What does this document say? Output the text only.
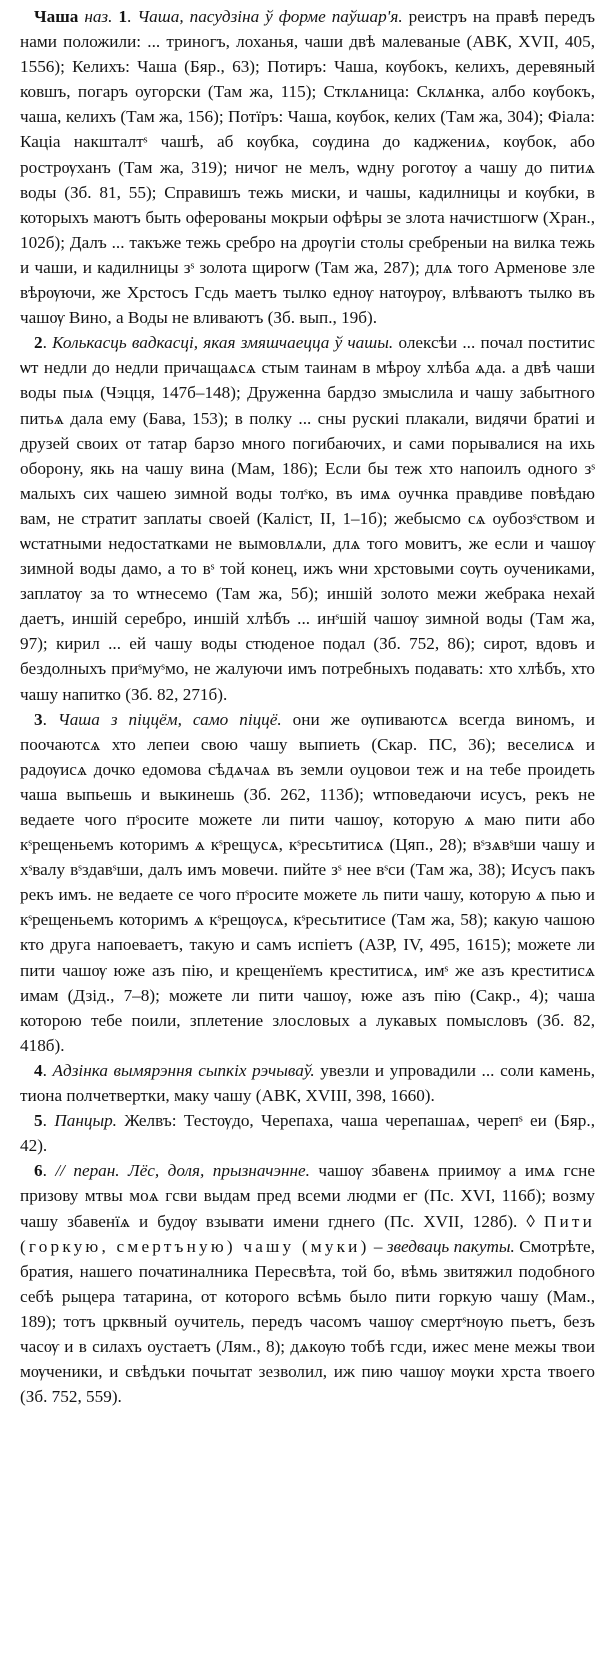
Чаша наз. 1. Чаша, пасудзіна ў форме паўшар'я. реистръ на правѣ передъ нами положили: ... триногъ, лоханья, чаши двѣ малеваные (АВК, XVII, 405, 1556); Келихъ: Чаша (Бяр., 63); Потиръ: Чаша, кѹбокъ, келихъ, деревяный ковшъ, погаръ оугорски (Там жа, 115); Стклѧница: Склѧнка, албо кѹбокъ, чаша, келихъ (Там жа, 156); Потїръ: Чаша, кѹбок, келих (Там жа, 304); Фіала: Каціа накшталтˢ чашѣ, аб кѹбка, сѹдина до каджениѧ, кѹбок, або рострѹханъ (Там жа, 319); ничог не мелъ, ѡдну роготѹ а чашу до питиѧ воды (Зб. 81, 55); Справишъ тежь миски, и чашы, кадилницы и кѹбки, в которыхъ маютъ быть оферованы мокрыи офѣры зе злота начистшогѡ (Хран., 102б); Далъ ... такъже тежь сребро на дрѹгіи столы сребреныи на вилка тежь и чаши, и кадилницы зˢ золота щирогѡ (Там жа, 287); длѧ того Арменове зле вѣрѹючи, же Хрстосъ Гсдь маетъ тылко еднѹ натѹрѹ, влѣваютъ тылко въ чашѹ Вино, а Воды не вливаютъ (Зб. вып., 19б).

2. Колькасць вадкасці, якая змяшчаецца ў чашы. олексѣи ... почал поститис ѡт недли до недли причащаѧсѧ стым таинам в мѣроу хлѣба ѧда. а двѣ чаши воды пыѧ (Чэцця, 147б–148); Друженна бардзо змыслила и чашу забытного питьѧ дала ему (Бава, 153); в полку ... сны рускиі плакали, видячи братиі и друзей своих от татар барзо много погибаючих, и сами порывалися на ихь оборону, якь на чашу вина (Мам, 186); Если бы теж хто напоилъ одного зˢ малыхъ сих чашею зимной воды толˢко, въ имѧ оучнка правдиве повѣдаю вам, не стратит заплаты своей (Каліст, II, 1–1б); жебысмо сѧ оубозˢством и ѡстатными недостатками не вымовлѧли, длѧ того мовитъ, же если и чашѹ зимной воды дамо, а то вˢ той конец, ижъ ѡни хрстовыми сѹть оучениками, заплатѹ за то ѡтнесемо (Там жа, 5б); иншій золото межи жебрака нехай даетъ, иншій серебро, иншій хлѣбъ ... инˢшій чашѹ зимной воды (Там жа, 97); кирил ... ей чашу воды стюденое подал (Зб. 752, 86); сирот, вдовъ и бездолныхъ приˢмуˢмо, не жалуючи имъ потребныхъ подавать: хто хлѣбъ, хто чашу напитко (Зб. 82, 271б).

3. Чаша з піццём, само піццё. они же ѹпиваютсѧ всегда виномъ, и поочаютсѧ хто лепеи свою чашу выпиеть (Скар. ПС, 36); веселисѧ и радѹисѧ дочко едомова сѣдѧчаѧ въ земли оуцовои теж и на тебе проидеть чаша выпьешь и выкинешь (Зб. 262, 113б); ѡтповедаючи исусъ, рекъ не ведаете чого пˢросите можете ли пити чашѹ, которую ѧ маю пити або кˢрещеньемъ которимъ ѧ кˢрещусѧ, кˢресьтитисѧ (Цяп., 28); вˢзѧвˢши чашу и хˢвалу вˢздавˢши, далъ имъ мовечи. пийте зˢ нее вˢси (Там жа, 38); Исусъ пакъ рекъ имъ. не ведаете се чого пˢросите можете ль пити чашу, которую ѧ пью и кˢрещеньемъ которимъ ѧ кˢрещѹсѧ, кˢресьтитисе (Там жа, 58); какую чашою кто друга напоеваетъ, такую и самъ испіетъ (АЗР, IV, 495, 1615); можете ли пити чашѹ юже азъ пію, и крещенїемъ креститисѧ, имˢ же азъ креститисѧ имам (Дзід., 7–8); можете ли пити чашѹ, юже азъ пію (Сакр., 4); чаша которою тебе поили, зплетение злословых а лукавых помысловъ (Зб. 82, 418б).

4. Адзінка вымярэння сыпкіх рэчываў. увезли и упровадили ... соли камень, тиона полчетвертки, маку чашу (АВК, XVIII, 398, 1660).

5. Панцыр. Желвъ: Тестѹдо, Черепаха, чаша черепашаѧ, черепˢ еи (Бяр., 42).

6. // перан. Лёс, доля, прызначэнне. чашѹ збавенѧ приимѹ а имѧ гсне призову мтвы моѧ гсви выдам пред всеми людми ег (Пс. XVI, 116б); возму чашу збавенїѧ и будѹ взывати имени гднего (Пс. XVII, 128б). ◊ Пити (горкую, смертъную) чашу (муки) – зведваць пакуты. Смотрѣте, братия, нашего початиналника Пересвѣта, той бо, вѣмь звитяжил подобного себѣ рыцера татарина, от которого всѣмь было пити горкую чашу (Мам., 189); тотъ црквный оучитель, передъ часомъ чашѹ смертˢнѹю пьетъ, безъ часѹ и в силахъ оустаетъ (Лям., 8); дѧкѹю тобѣ гсди, ижес мене межы твои мѹченики, и свѣдъки почытат зезволил, иж пию чашѹ мѹки хрста твоего (Зб. 752, 559).
